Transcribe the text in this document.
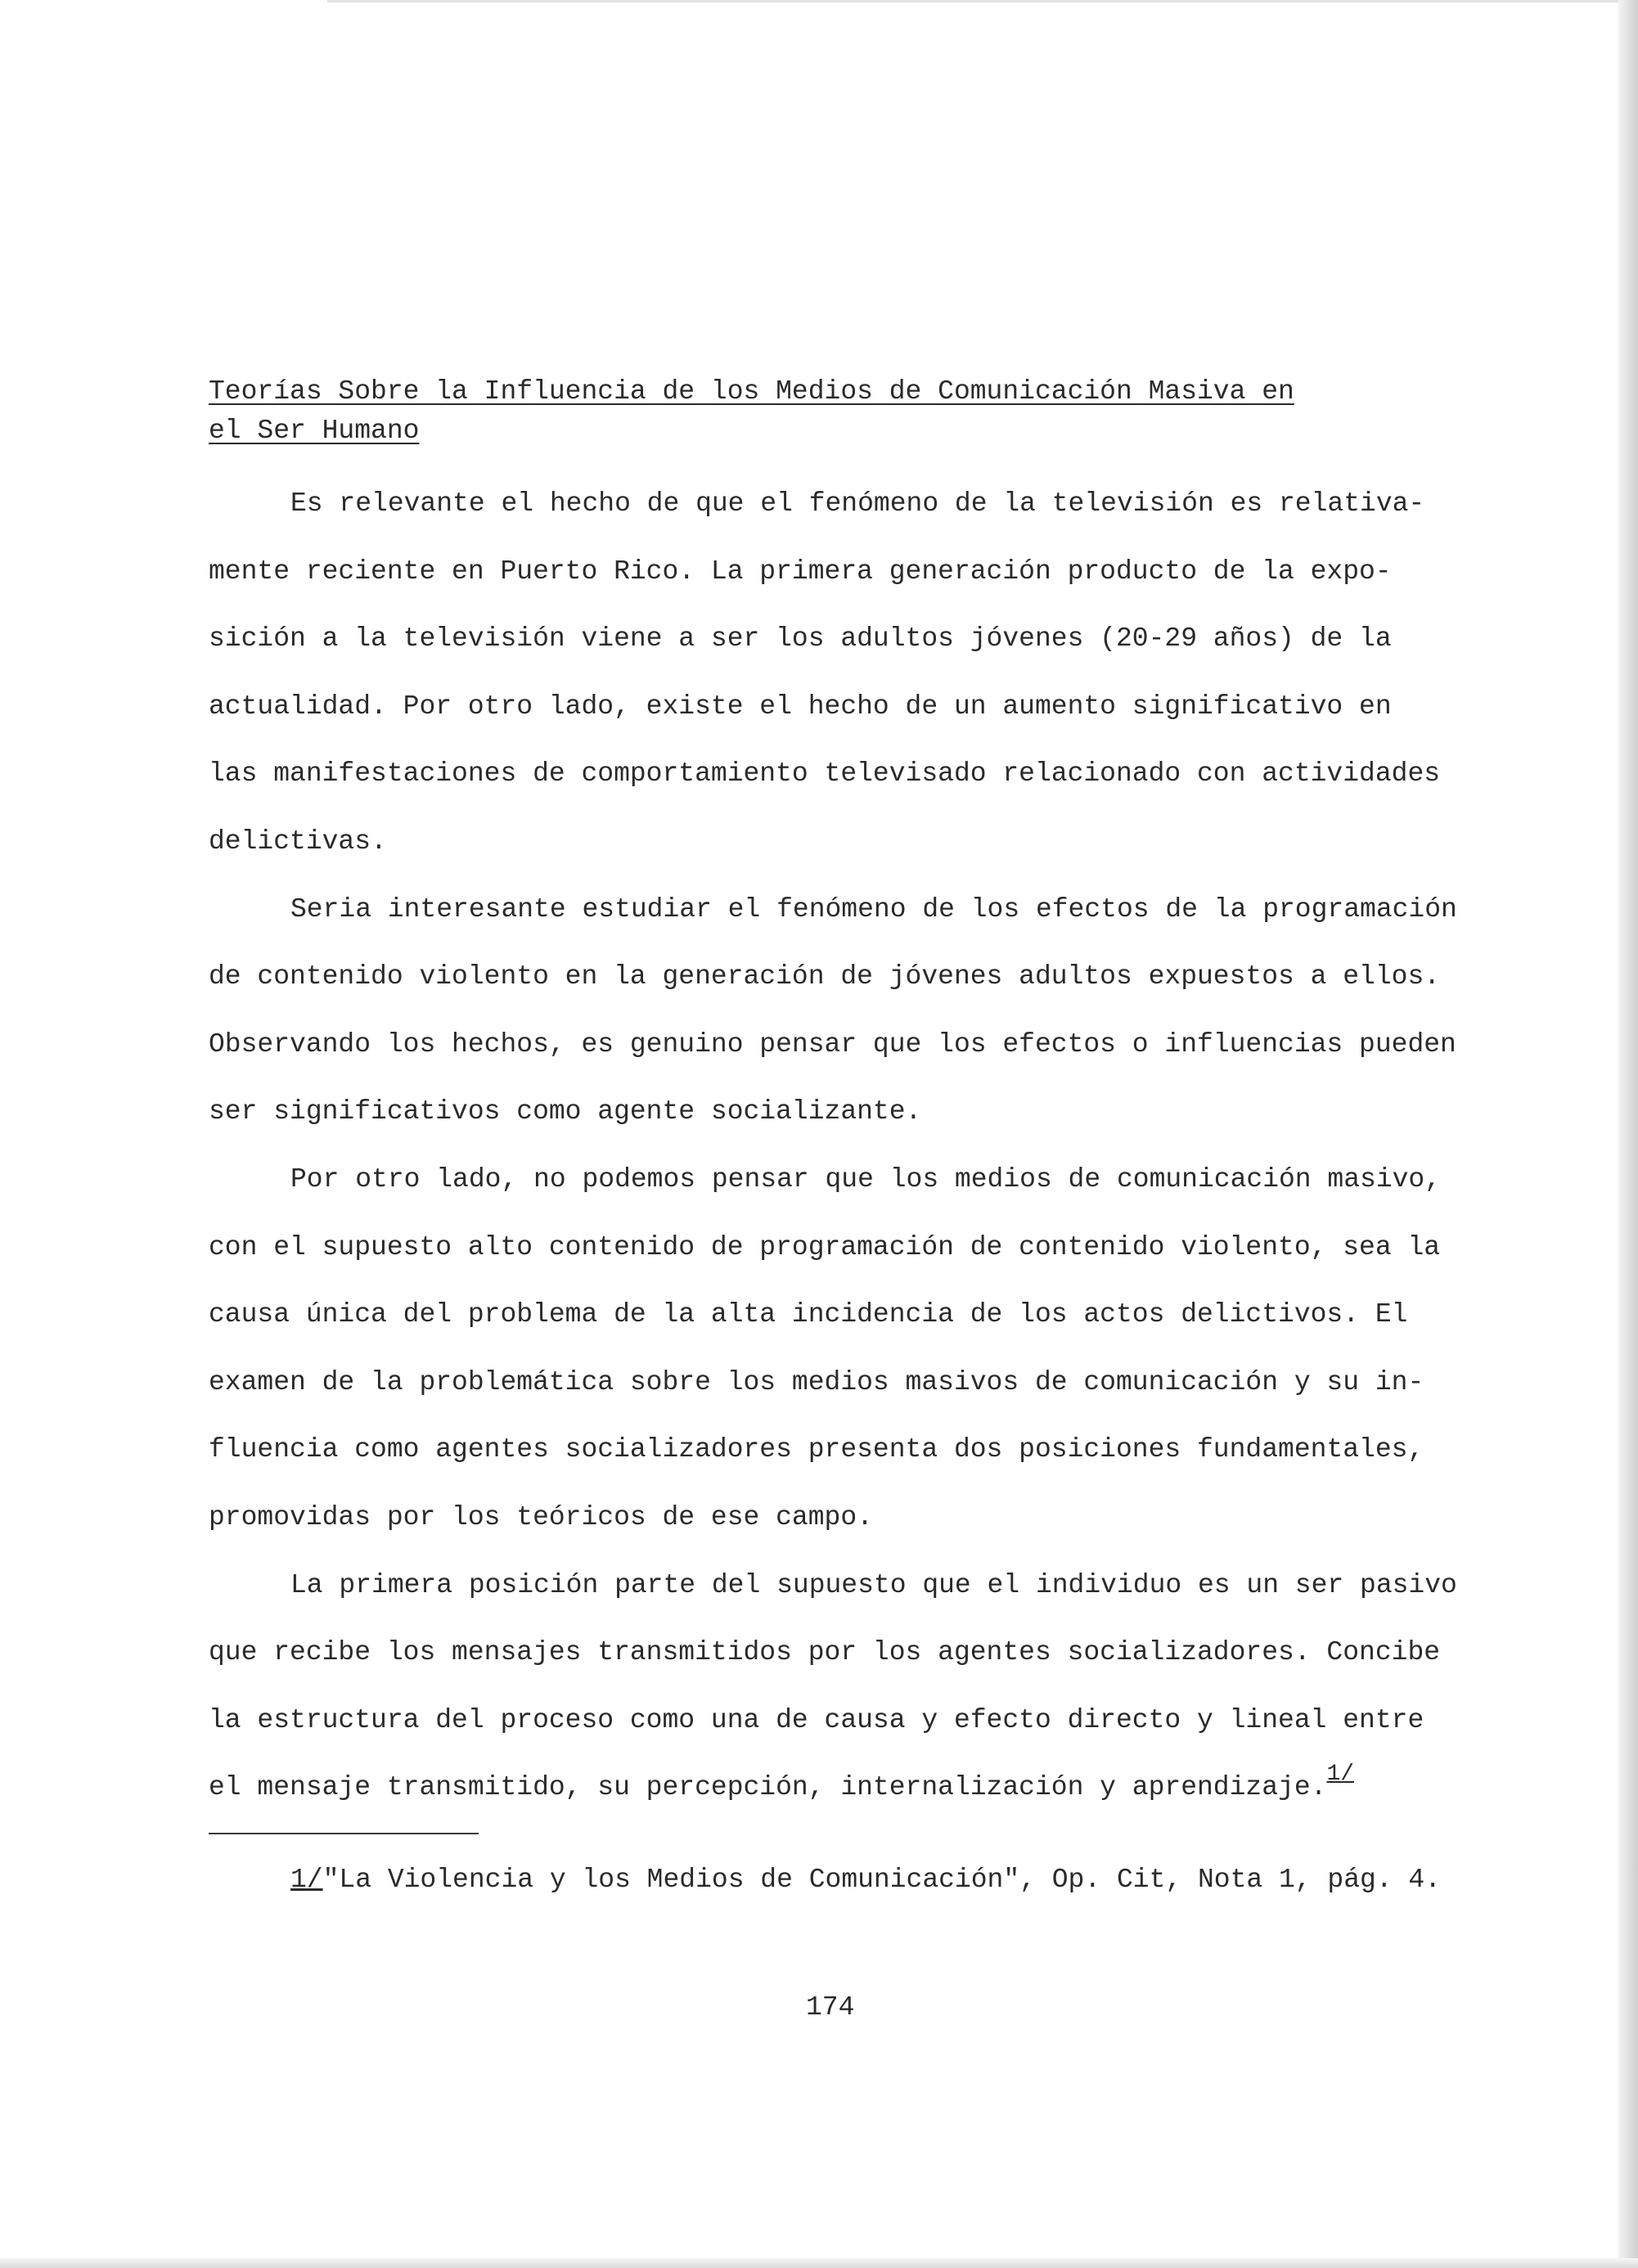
Teorías Sobre la Influencia de los Medios de Comunicación Masiva en
el Ser Humano
Es relevante el hecho de que el fenómeno de la televisión es relativa-
mente reciente en Puerto Rico. La primera generación producto de la expo-
sición a la televisión viene a ser los adultos jóvenes (20-29 años) de la
actualidad. Por otro lado, existe el hecho de un aumento significativo en
las manifestaciones de comportamiento televisado relacionado con actividades
delictivas.
Seria interesante estudiar el fenómeno de los efectos de la programación
de contenido violento en la generación de jóvenes adultos expuestos a ellos.
Observando los hechos, es genuino pensar que los efectos o influencias pueden
ser significativos como agente socializante.
Por otro lado, no podemos pensar que los medios de comunicación masivo,
con el supuesto alto contenido de programación de contenido violento, sea la
causa única del problema de la alta incidencia de los actos delictivos. El
examen de la problemática sobre los medios masivos de comunicación y su in-
fluencia como agentes socializadores presenta dos posiciones fundamentales,
promovidas por los teóricos de ese campo.
La primera posición parte del supuesto que el individuo es un ser pasivo
que recibe los mensajes transmitidos por los agentes socializadores. Concibe
la estructura del proceso como una de causa y efecto directo y lineal entre
el mensaje transmitido, su percepción, internalización y aprendizaje.$^{1/}$
1/"La Violencia y los Medios de Comunicación", Op. Cit, Nota 1, pág. 4.
174
